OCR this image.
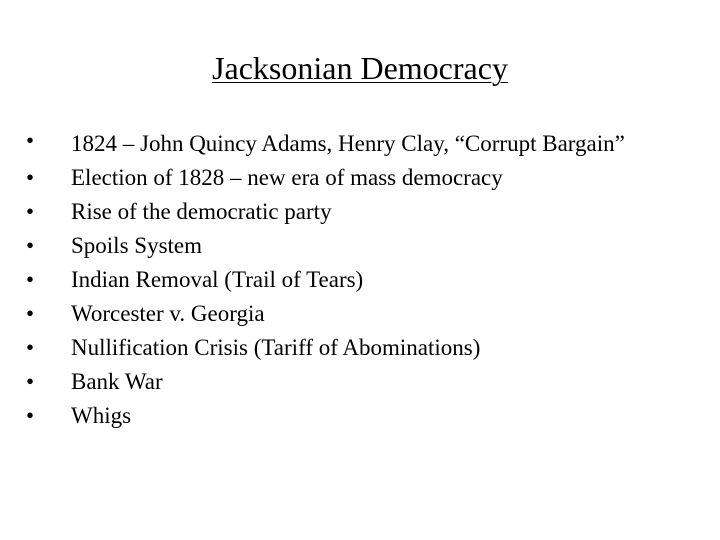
Jacksonian Democracy
•	1824 – John Quincy Adams, Henry Clay, “Corrupt Bargain”
•	Election of 1828 – new era of mass democracy
•	Rise of the democratic party
•	Spoils System
•	Indian Removal (Trail of Tears)
•	Worcester v. Georgia
•	Nullification Crisis (Tariff of Abominations)
•	Bank War
•	Whigs
